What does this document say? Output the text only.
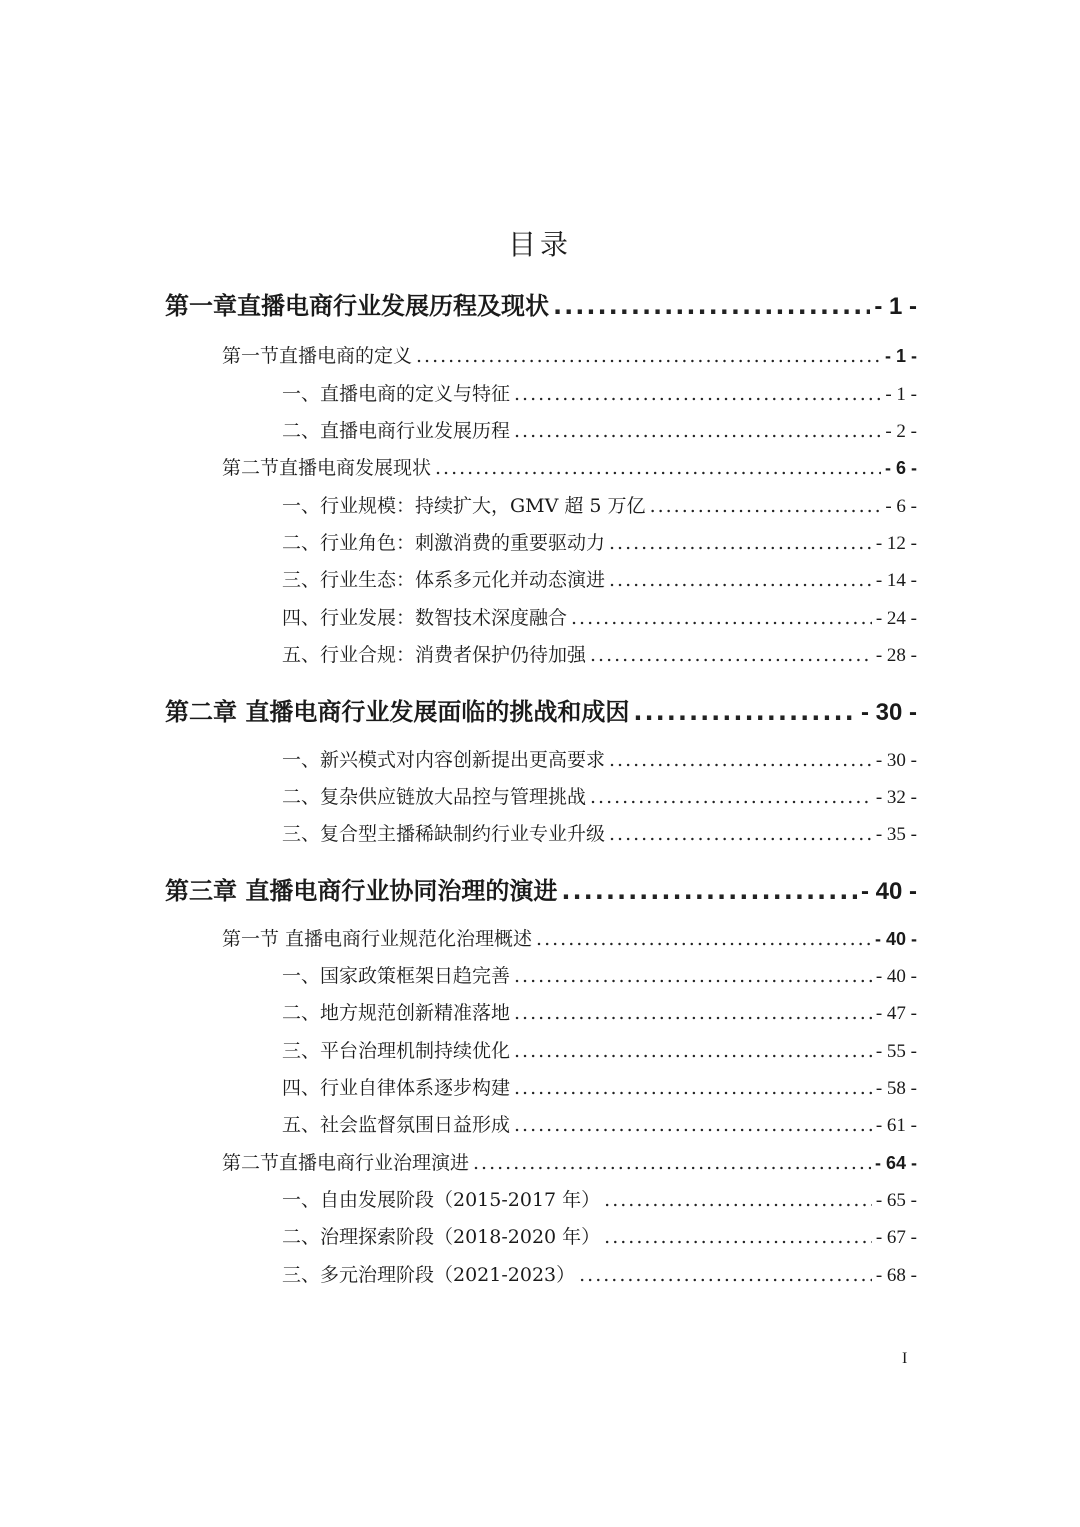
目录
第一章直播电商行业发展历程及现状 .....	- 1 -
第一节直播电商的定义 .....	- 1 -
一、直播电商的定义与特征 .....	- 1 -
二、直播电商行业发展历程 .....	- 2 -
第二节直播电商发展现状 .....	- 6 -
一、行业规模：持续扩大，GMV 超 5 万亿 .....	- 6 -
二、行业角色：刺激消费的重要驱动力 .....	- 12 -
三、行业生态：体系多元化并动态演进 .....	- 14 -
四、行业发展：数智技术深度融合 .....	- 24 -
五、行业合规：消费者保护仍待加强 .....	- 28 -
第二章 直播电商行业发展面临的挑战和成因 .....	- 30 -
一、新兴模式对内容创新提出更高要求 .....	- 30 -
二、复杂供应链放大品控与管理挑战 .....	- 32 -
三、复合型主播稀缺制约行业专业升级 .....	- 35 -
第三章 直播电商行业协同治理的演进 .....	- 40 -
第一节 直播电商行业规范化治理概述 .....	- 40 -
一、国家政策框架日趋完善 .....	- 40 -
二、地方规范创新精准落地 .....	- 47 -
三、平台治理机制持续优化 .....	- 55 -
四、行业自律体系逐步构建 .....	- 58 -
五、社会监督氛围日益形成 .....	- 61 -
第二节直播电商行业治理演进 .....	- 64 -
一、自由发展阶段（2015-2017 年） .....	- 65 -
二、治理探索阶段（2018-2020 年） .....	- 67 -
三、多元治理阶段（2021-2023） .....	- 68 -
I
